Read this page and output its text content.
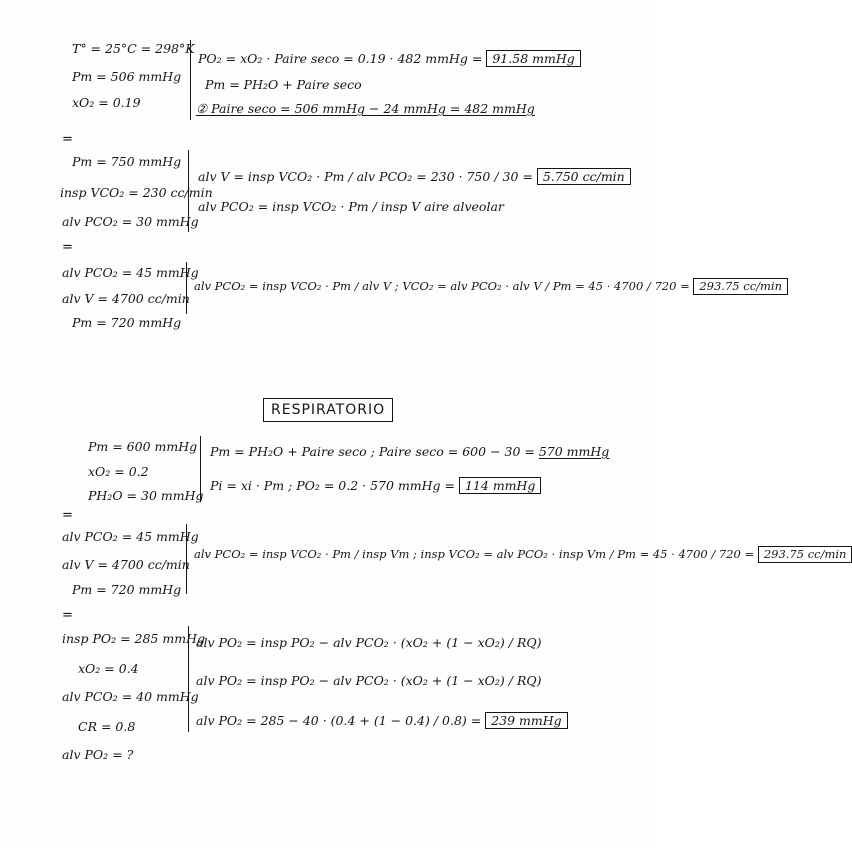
T° = 25°C = 298°K
Pт = 506 mmHg
xO₂ = 0.19
PO₂ = xO₂ · Paire seco = 0.19 · 482 mmHg = 91.58 mmHg
Pт = PH₂O + Paire seco
② Paire seco = 506 mmHg − 24 mmHg = 482 mmHg
=
Pт = 750 mmHg
insp VCO₂ = 230 cc/min
alv PCO₂ = 30 mmHg
alv V = insp VCO₂ · Pт / alv PCO₂ = 230 · 750 / 30 = 5.750 cc/min
alv PCO₂ = insp VCO₂ · Pт / insp V aire alveolar
=
alv PCO₂ = 45 mmHg
alv V = 4700 cc/min
Pт = 720 mmHg
alv PCO₂ = insp VCO₂ · Pт / alv V ; VCO₂ = alv PCO₂ · alv V / Pт = 45 · 4700 / 720 = 293.75 cc/min
RESPIRATORIO
Pт = 600 mmHg
xO₂ = 0.2
PH₂O = 30 mmHg
Pт = PH₂O + Paire seco ; Paire seco = 600 − 30 = 570 mmHg
Pi = xi · Pт ; PO₂ = 0.2 · 570 mmHg = 114 mmHg
=
alv PCO₂ = 45 mmHg
alv V = 4700 cc/min
Pт = 720 mmHg
alv PCO₂ = insp VCO₂ · Pт / insp Vт ; insp VCO₂ = alv PCO₂ · insp Vт / Pт = 45 · 4700 / 720 = 293.75 cc/min
=
insp PO₂ = 285 mmHg
xO₂ = 0.4
alv PCO₂ = 40 mmHg
CR = 0.8
alv PO₂ = ?
alv PO₂ = insp PO₂ − alv PCO₂ · (xO₂ + (1 − xO₂) / RQ)
alv PO₂ = insp PO₂ − alv PCO₂ · (xO₂ + (1 − xO₂) / RQ)
alv PO₂ = 285 − 40 · (0.4 + (1 − 0.4) / 0.8) = 239 mmHg
